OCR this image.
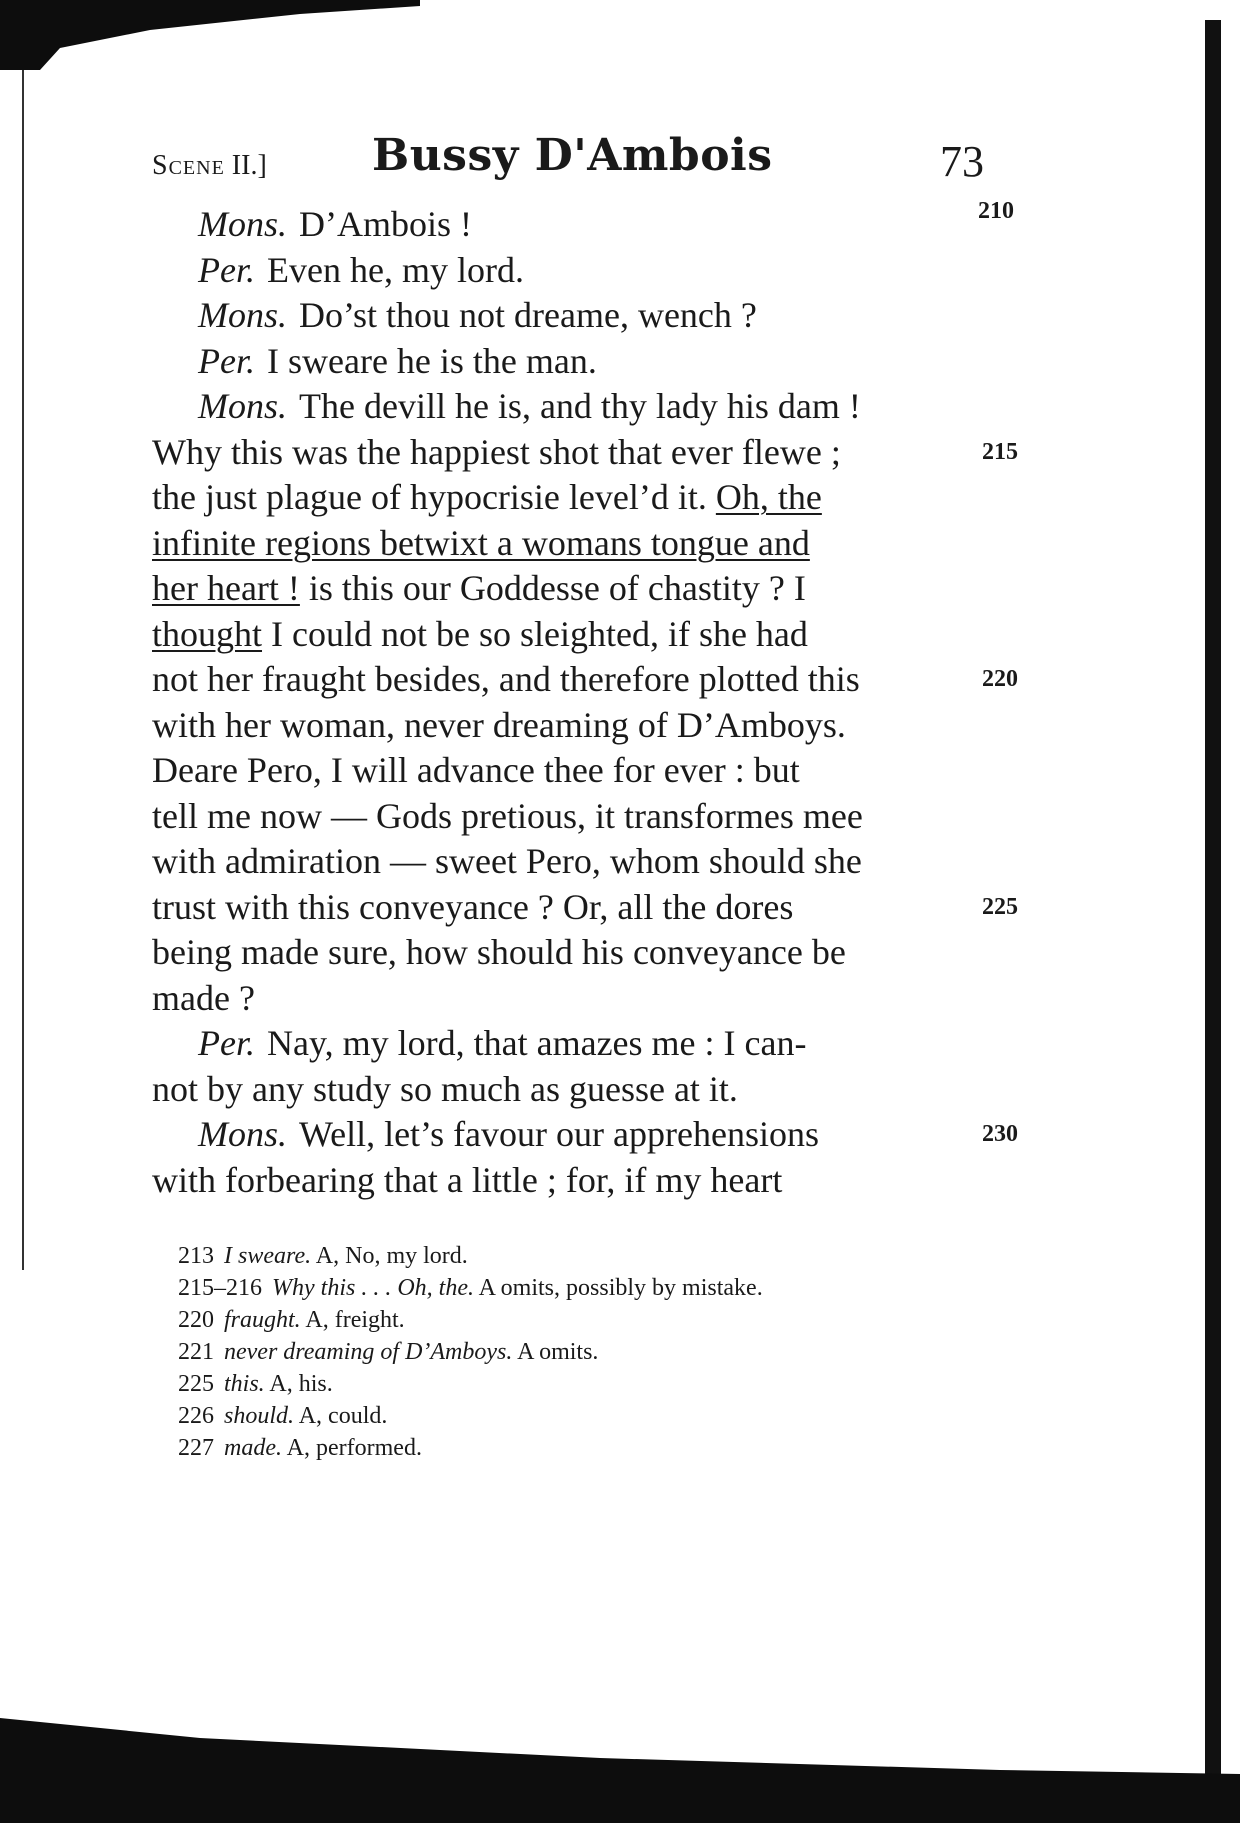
Scene II.] Bussy D'Ambois	73
210
Mons. D’Ambois !
Per. Even he, my lord.
Mons. Do’st thou not dreame, wench ?
Per. I sweare he is the man.
Mons. The devill he is, and thy lady his dam !
Why this was the happiest shot that ever flewe ;	215
the just plague of hypocrisie level’d it. Oh, the
infinite regions betwixt a womans tongue and
her heart ! is this our Goddesse of chastity ? I
thought I could not be so sleighted, if she had
not her fraught besides, and therefore plotted this	220
with her woman, never dreaming of D’Amboys.
Deare Pero, I will advance thee for ever : but
tell me now — Gods pretious, it transformes mee
with admiration — sweet Pero, whom should she
trust with this conveyance ? Or, all the dores	225
being made sure, how should his conveyance be
made ?
Per. Nay, my lord, that amazes me : I can-
not by any study so much as guesse at it.
Mons. Well, let’s favour our apprehensions	230
with forbearing that a little ; for, if my heart
213 I sweare. A, No, my lord.
215–216 Why this . . . Oh, the. A omits, possibly by mistake.
220 fraught. A, freight.
221 never dreaming of D’Amboys. A omits.
225 this. A, his.
226 should. A, could.
227 made. A, performed.
